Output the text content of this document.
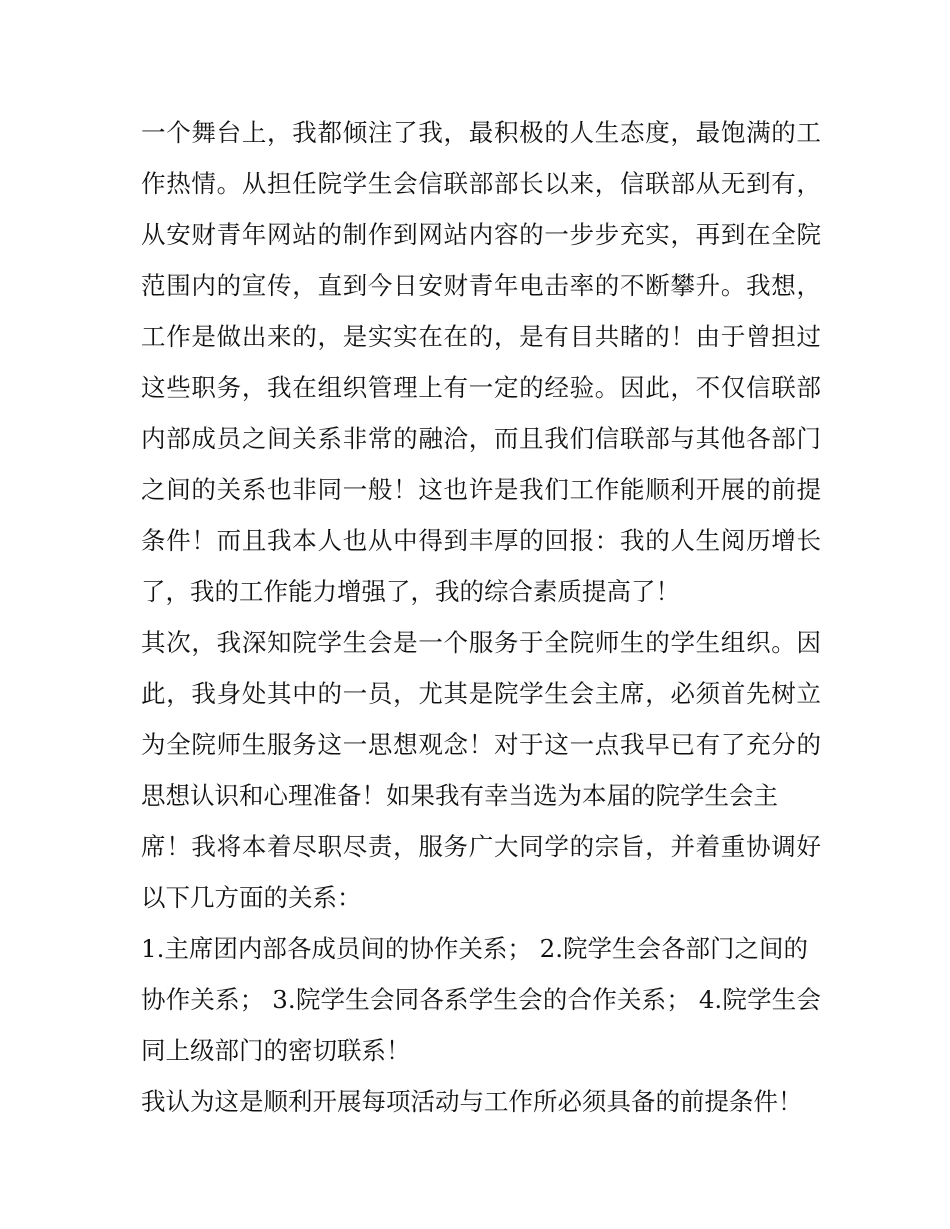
一个舞台上，我都倾注了我，最积极的人生态度，最饱满的工
作热情。从担任院学生会信联部部长以来，信联部从无到有，
从安财青年网站的制作到网站内容的一步步充实，再到在全院
范围内的宣传，直到今日安财青年电击率的不断攀升。我想，
工作是做出来的，是实实在在的，是有目共睹的！由于曾担过
这些职务，我在组织管理上有一定的经验。因此，不仅信联部
内部成员之间关系非常的融洽，而且我们信联部与其他各部门
之间的关系也非同一般！这也许是我们工作能顺利开展的前提
条件！而且我本人也从中得到丰厚的回报：我的人生阅历增长
了，我的工作能力增强了，我的综合素质提高了！
其次，我深知院学生会是一个服务于全院师生的学生组织。因
此，我身处其中的一员，尤其是院学生会主席，必须首先树立
为全院师生服务这一思想观念！对于这一点我早已有了充分的
思想认识和心理准备！如果我有幸当选为本届的院学生会主
席！我将本着尽职尽责，服务广大同学的宗旨，并着重协调好
以下几方面的关系：
1.主席团内部各成员间的协作关系； 2.院学生会各部门之间的
协作关系； 3.院学生会同各系学生会的合作关系； 4.院学生会
同上级部门的密切联系！
我认为这是顺利开展每项活动与工作所必须具备的前提条件！
